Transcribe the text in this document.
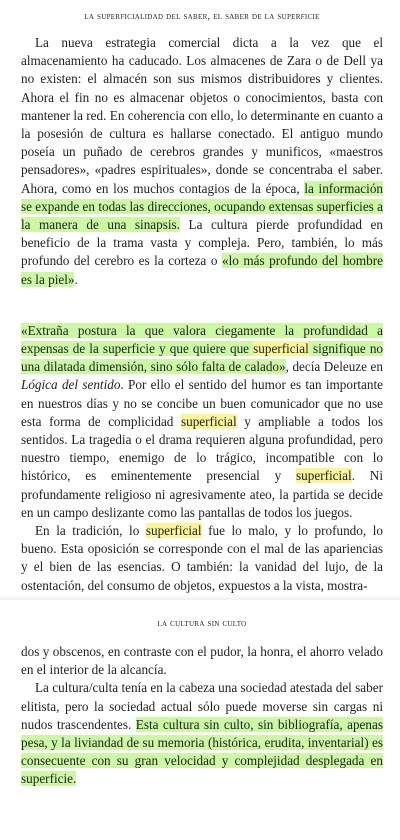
la superficialidad del saber, el saber de la superficie

La nueva estrategia comercial dicta a la vez que el almacenamiento ha caducado. Los almacenes de Zara o de Dell ya no existen: el almacén son sus mismos distribuidores y clientes. Ahora el fin no es almacenar objetos o conocimientos, basta con mantener la red. En coherencia con ello, lo determinante en cuanto a la posesión de cultura es hallarse conectado. El antiguo mundo poseía un puñado de cerebros grandes y munificos, «maestros pensadores», «padres espirituales», donde se concentraba el saber. Ahora, como en los muchos contagios de la época, la información se expande en todas las direcciones, ocupando extensas superficies a la manera de una sinapsis. La cultura pierde profundidad en beneficio de la trama vasta y compleja. Pero, también, lo más profundo del cerebro es la corteza o «lo más profundo del hombre es la piel».

«Extraña postura la que valora ciegamente la profundidad a expensas de la superficie y que quiere que superficial signifique no una dilatada dimensión, sino sólo falta de calado», decía Deleuze en Lógica del sentido. Por ello el sentido del humor es tan importante en nuestros días y no se concibe un buen comunicador que no use esta forma de complicidad superficial y ampliable a todos los sentidos. La tragedia o el drama requieren alguna profundidad, pero nuestro tiempo, enemigo de lo trágico, incompatible con lo histórico, es eminentemente presencial y superficial. Ni profundamente religioso ni agresivamente ateo, la partida se decide en un campo deslizante como las pantallas de todos los juegos.

En la tradición, lo superficial fue lo malo, y lo profundo, lo bueno. Esta oposición se corresponde con el mal de las apariencias y el bien de las esencias. O también: la vanidad del lujo, de la ostentación, del consumo de objetos, expuestos a la vista, mostra-

la cultura sin culto

dos y obscenos, en contraste con el pudor, la honra, el ahorro velado en el interior de la alcancía.

La cultura/culta tenía en la cabeza una sociedad atestada del saber elitista, pero la sociedad actual sólo puede moverse sin cargas ni nudos trascendentes. Esta cultura sin culto, sin bibliografía, apenas pesa, y la liviandad de su memoria (histórica, erudita, inventarial) es consecuente con su gran velocidad y complejidad desplegada en superficie.
